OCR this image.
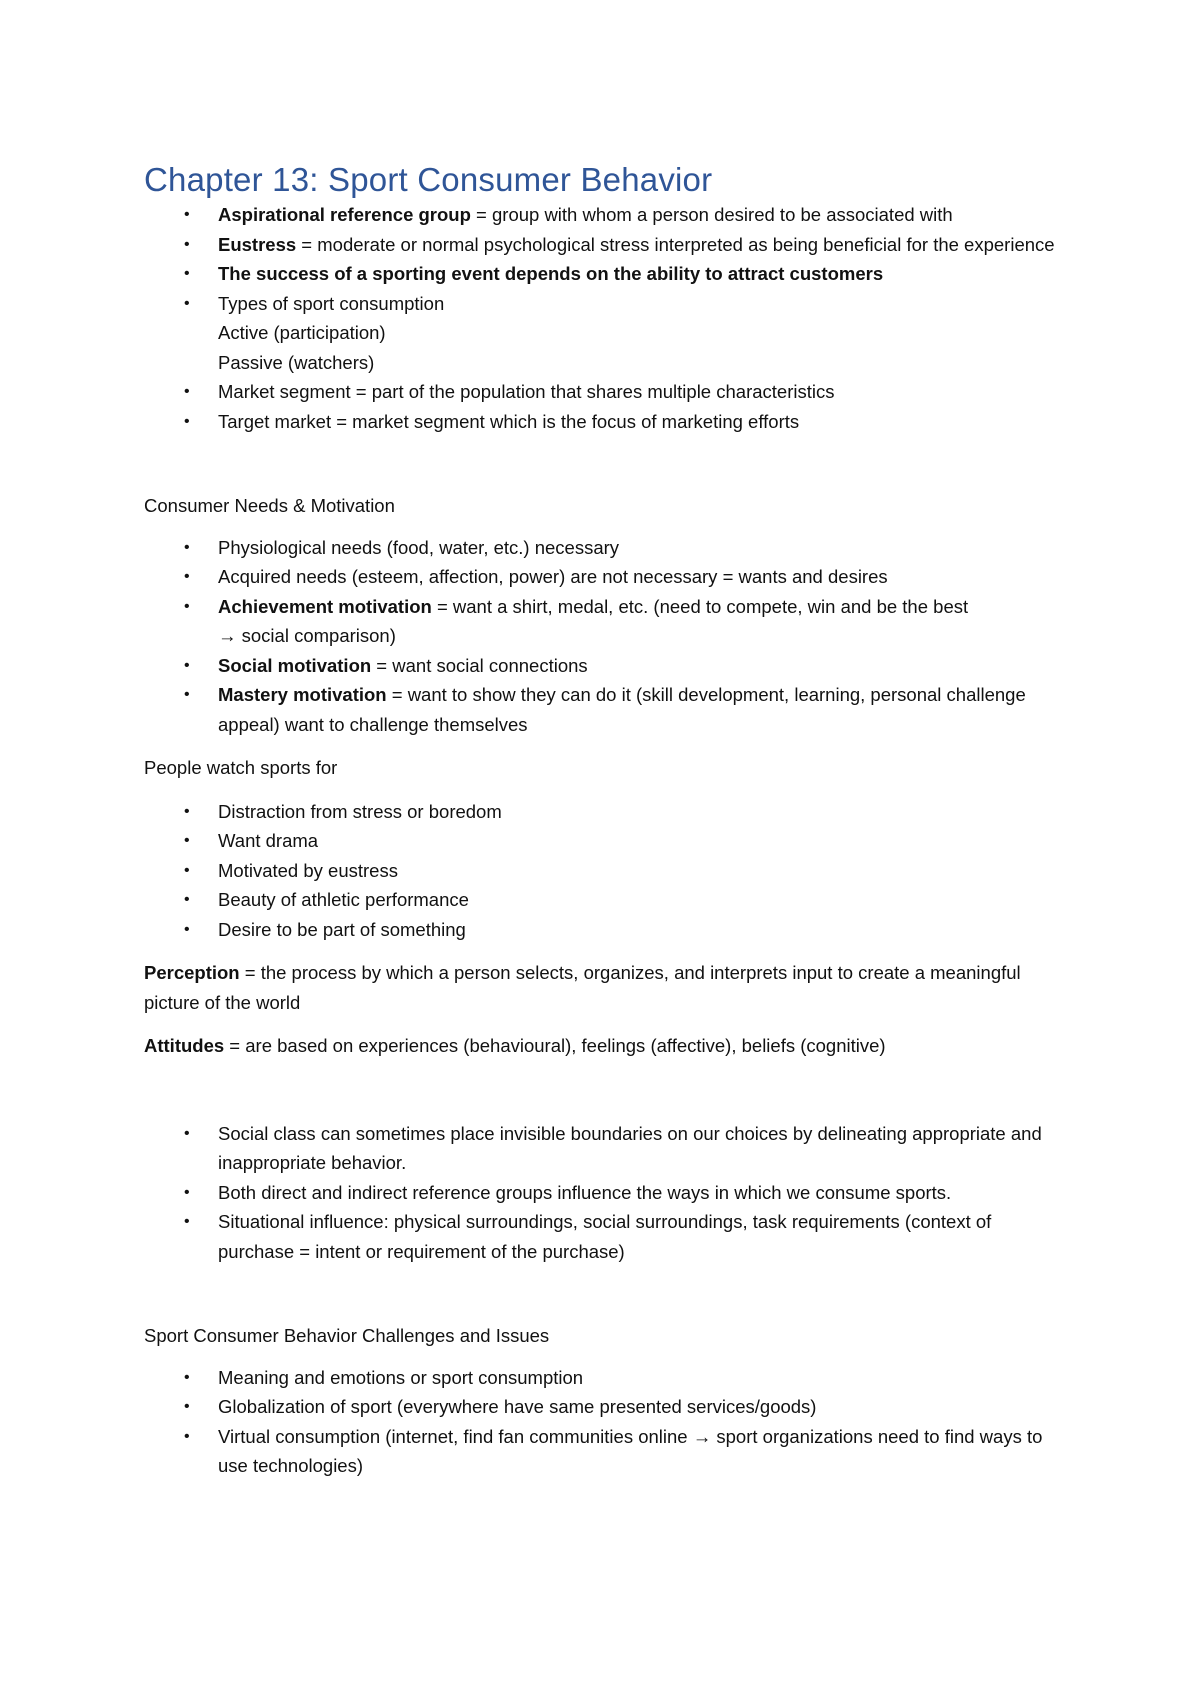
Chapter 13: Sport Consumer Behavior
• Aspirational reference group = group with whom a person desired to be associated with
• Eustress = moderate or normal psychological stress interpreted as being beneficial for the experience
• The success of a sporting event depends on the ability to attract customers
• Types of sport consumption
Active (participation)
Passive (watchers)
• Market segment = part of the population that shares multiple characteristics
• Target market = market segment which is the focus of marketing efforts

Consumer Needs & Motivation

• Physiological needs (food, water, etc.) necessary
• Acquired needs (esteem, affection, power) are not necessary = wants and desires
• Achievement motivation = want a shirt, medal, etc. (need to compete, win and be the best
→ social comparison)
• Social motivation = want social connections
• Mastery motivation = want to show they can do it (skill development, learning, personal challenge appeal) want to challenge themselves

People watch sports for

• Distraction from stress or boredom
• Want drama
• Motivated by eustress
• Beauty of athletic performance
• Desire to be part of something

Perception = the process by which a person selects, organizes, and interprets input to create a meaningful picture of the world

Attitudes = are based on experiences (behavioural), feelings (affective), beliefs (cognitive)

• Social class can sometimes place invisible boundaries on our choices by delineating appropriate and inappropriate behavior.
• Both direct and indirect reference groups influence the ways in which we consume sports.
• Situational influence: physical surroundings, social surroundings, task requirements (context of purchase = intent or requirement of the purchase)

Sport Consumer Behavior Challenges and Issues

• Meaning and emotions or sport consumption
• Globalization of sport (everywhere have same presented services/goods)
• Virtual consumption (internet, find fan communities online → sport organizations need to find ways to use technologies)
